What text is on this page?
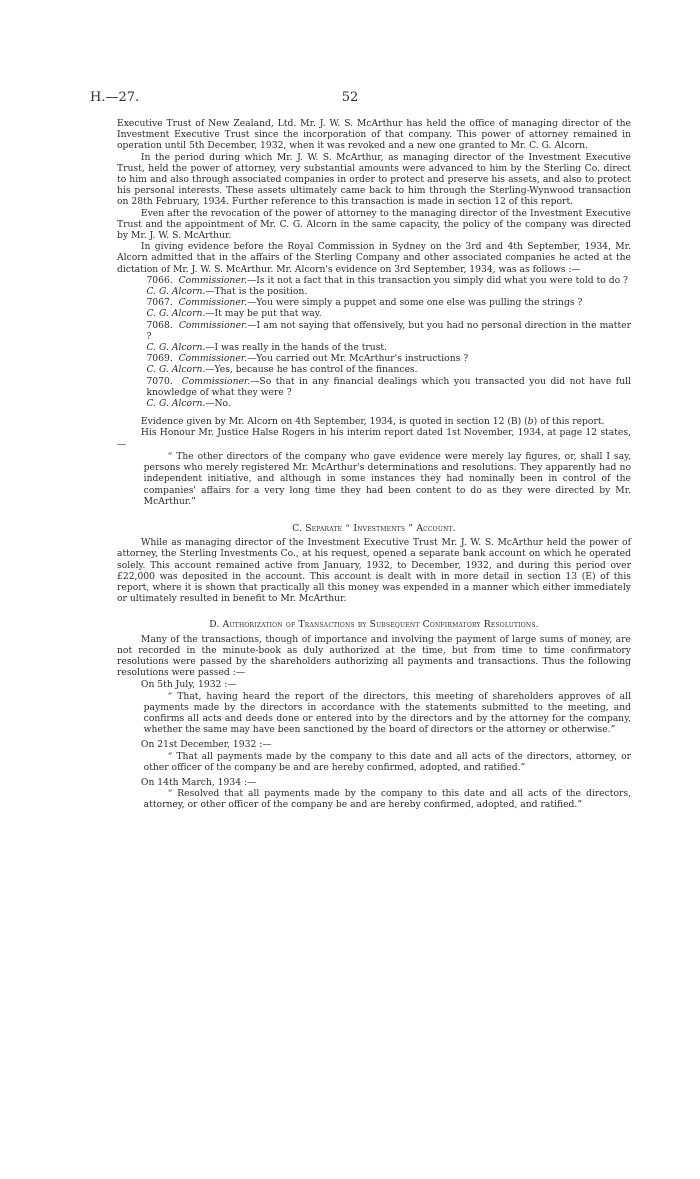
H.—27.	52

Executive Trust of New Zealand, Ltd. Mr. J. W. S. McArthur has held the office of managing director of the Investment Executive Trust since the incorporation of that company. This power of attorney remained in operation until 5th December, 1932, when it was revoked and a new one granted to Mr. C. G. Alcorn.

In the period during which Mr. J. W. S. McArthur, as managing director of the Investment Executive Trust, held the power of attorney, very substantial amounts were advanced to him by the Sterling Co. direct to him and also through associated companies in order to protect and preserve his assets, and also to protect his personal interests. These assets ultimately came back to him through the Sterling-Wynwood transaction on 28th February, 1934. Further reference to this transaction is made in section 12 of this report.

Even after the revocation of the power of attorney to the managing director of the Investment Executive Trust and the appointment of Mr. C. G. Alcorn in the same capacity, the policy of the company was directed by Mr. J. W. S. McArthur.

In giving evidence before the Royal Commission in Sydney on the 3rd and 4th September, 1934, Mr. Alcorn admitted that in the affairs of the Sterling Company and other associated companies he acted at the dictation of Mr. J. W. S. McArthur. Mr. Alcorn's evidence on 3rd September, 1934, was as follows :—

7066. Commissioner.—Is it not a fact that in this transaction you simply did what you were told to do ?

C. G. Alcorn.—That is the position.

7067. Commissioner.—You were simply a puppet and some one else was pulling the strings ?

C. G. Alcorn.—It may be put that way.

7068. Commissioner.—I am not saying that offensively, but you had no personal direction in the matter ?

C. G. Alcorn.—I was really in the hands of the trust.

7069. Commissioner.—You carried out Mr. McArthur's instructions ?

C. G. Alcorn.—Yes, because he has control of the finances.

7070. Commissioner.—So that in any financial dealings which you transacted you did not have full knowledge of what they were ?

C. G. Alcorn.—No.

Evidence given by Mr. Alcorn on 4th September, 1934, is quoted in section 12 (B) (b) of this report.

His Honour Mr. Justice Halse Rogers in his interim report dated 1st November, 1934, at page 12 states,—

“ The other directors of the company who gave evidence were merely lay figures, or, shall I say, persons who merely registered Mr. McArthur's determinations and resolutions. They apparently had no independent initiative, and although in some instances they had nominally been in control of the companies' affairs for a very long time they had been content to do as they were directed by Mr. McArthur.”

C. Separate “ Investments ” Account.

While as managing director of the Investment Executive Trust Mr. J. W. S. McArthur held the power of attorney, the Sterling Investments Co., at his request, opened a separate bank account on which he operated solely. This account remained active from January, 1932, to December, 1932, and during this period over £22,000 was deposited in the account. This account is dealt with in more detail in section 13 (E) of this report, where it is shown that practically all this money was expended in a manner which either immediately or ultimately resulted in benefit to Mr. McArthur.

D. Authorization of Transactions by Subsequent Confirmatory Resolutions.

Many of the transactions, though of importance and involving the payment of large sums of money, are not recorded in the minute-book as duly authorized at the time, but from time to time confirmatory resolutions were passed by the shareholders authorizing all payments and transactions. Thus the following resolutions were passed :—

On 5th July, 1932 :—

“ That, having heard the report of the directors, this meeting of shareholders approves of all payments made by the directors in accordance with the statements submitted to the meeting, and confirms all acts and deeds done or entered into by the directors and by the attorney for the company, whether the same may have been sanctioned by the board of directors or the attorney or otherwise.”

On 21st December, 1932 :—

“ That all payments made by the company to this date and all acts of the directors, attorney, or other officer of the company be and are hereby confirmed, adopted, and ratified.”

On 14th March, 1934 :—

“ Resolved that all payments made by the company to this date and all acts of the directors, attorney, or other officer of the company be and are hereby confirmed, adopted, and ratified.”
